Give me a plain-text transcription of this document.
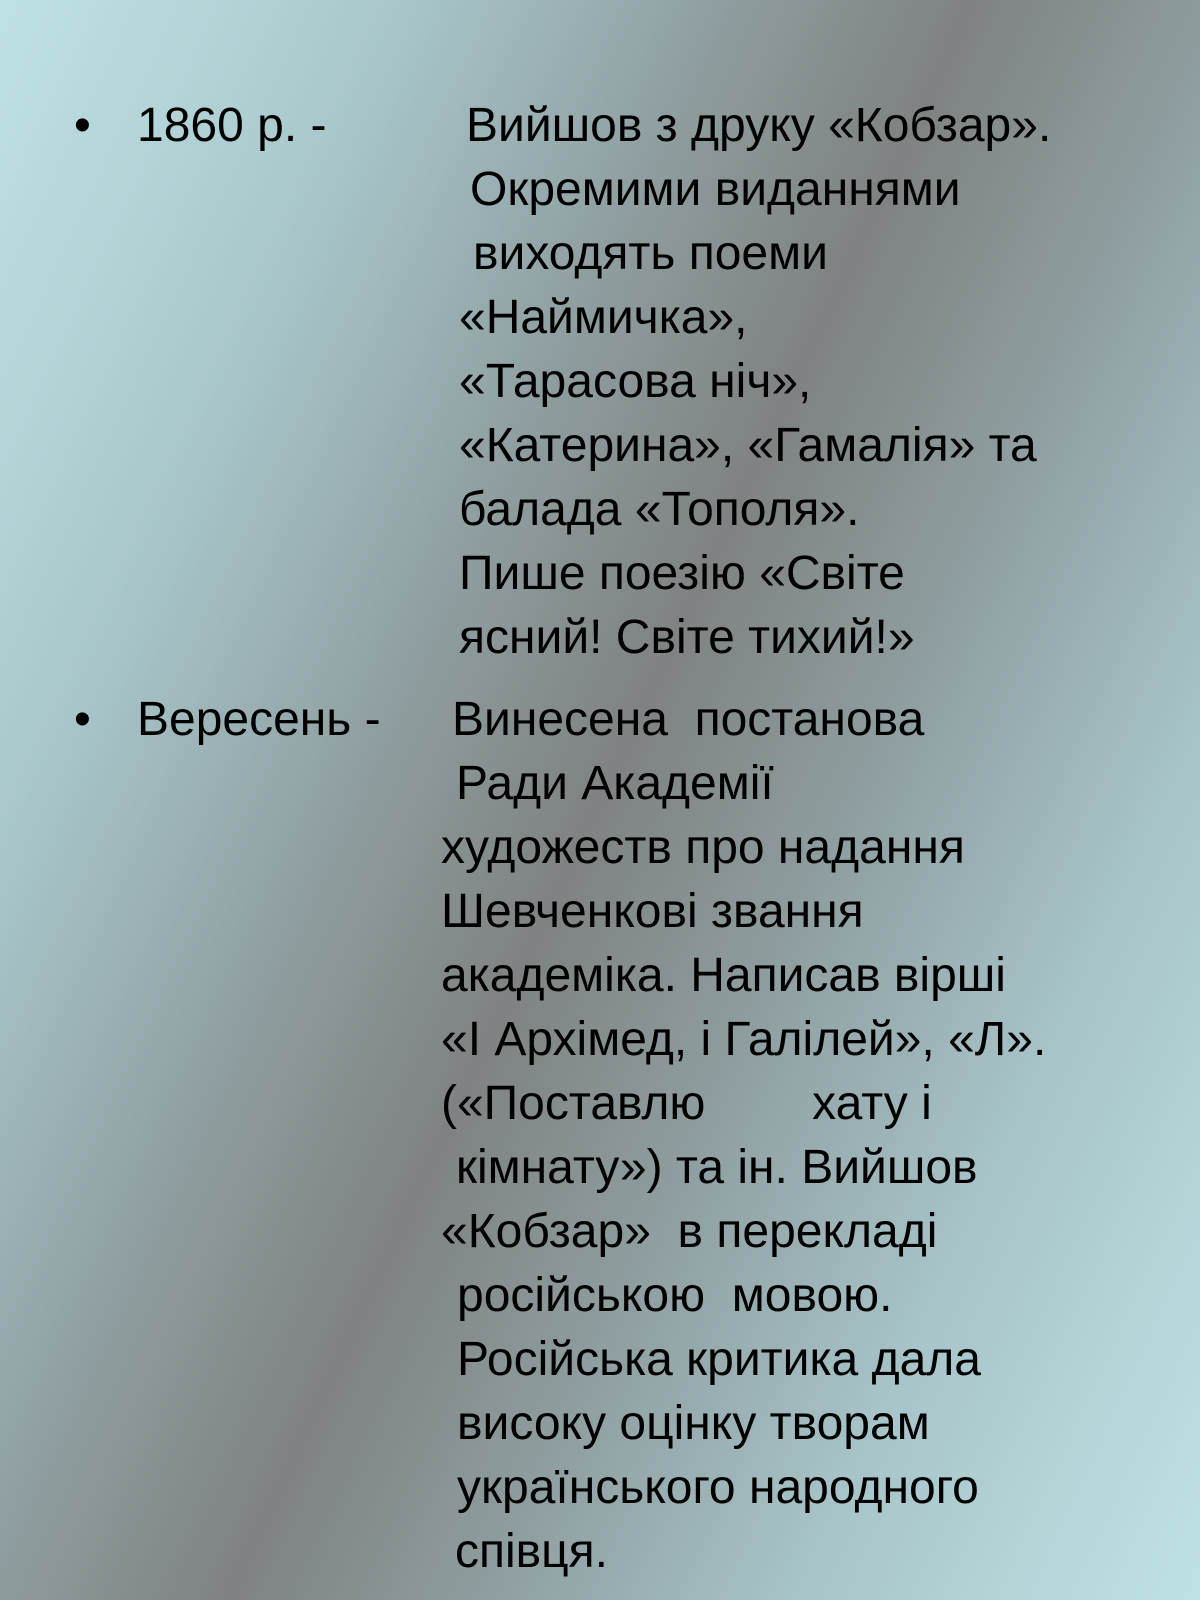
• 1860 р. -	Вийшов з друку «Кобзар».
Окремими виданнями
виходять поеми
«Наймичка»,
«Тарасова ніч»,
«Катерина», «Гамалія» та
балада «Тополя».
Пише поезію «Світе
ясний! Світе тихий!»
• Вересень - Винесена  постанова
Ради Академії
художеств про надання
Шевченкові звання
академіка. Написав вірші
«І Архімед, і Галілей», «Л».
(«Поставлю        хату і
кімнату») та ін. Вийшов
«Кобзар»  в перекладі
російською  мовою.
Російська критика дала
високу оцінку творам
українського народного
співця.
